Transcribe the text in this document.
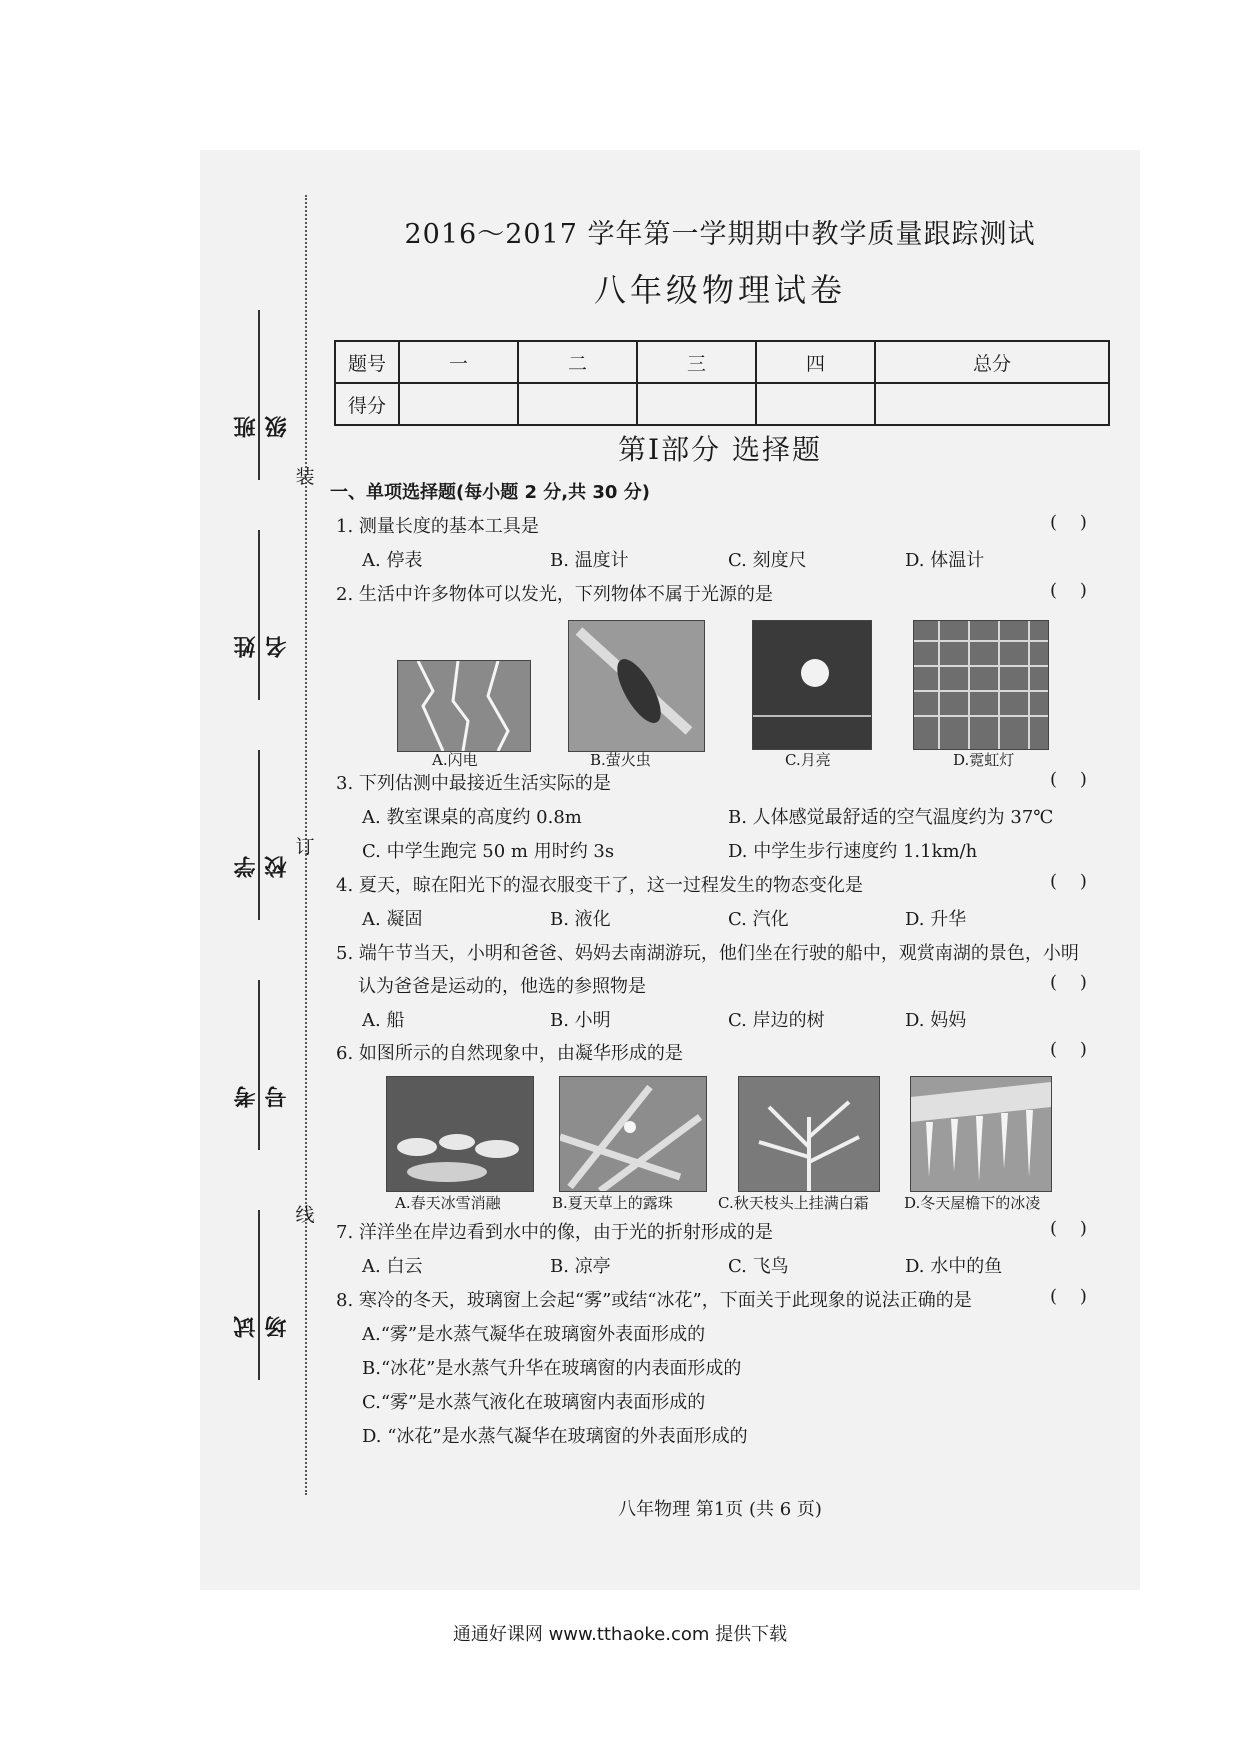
装
订
线
班级
姓名
学校
考号
试场
2016～2017 学年第一学期期中教学质量跟踪测试
八年级物理试卷
题号	一	二	三	四	总分
得分					
第Ⅰ部分 选择题
一、单项选择题(每小题 2 分,共 30 分)
1. 测量长度的基本工具是	(    )
A. 停表	B. 温度计	C. 刻度尺	D. 体温计
2. 生活中许多物体可以发光，下列物体不属于光源的是	(    )
A.闪电	B.萤火虫	C.月亮	D.霓虹灯
3. 下列估测中最接近生活实际的是	(    )
A. 教室课桌的高度约 0.8m	B. 人体感觉最舒适的空气温度约为 37℃
C. 中学生跑完 50 m 用时约 3s	D. 中学生步行速度约 1.1km/h
4. 夏天，晾在阳光下的湿衣服变干了，这一过程发生的物态变化是	(    )
A. 凝固	B. 液化	C. 汽化	D. 升华
5. 端午节当天，小明和爸爸、妈妈去南湖游玩，他们坐在行驶的船中，观赏南湖的景色，小明
认为爸爸是运动的，他选的参照物是	(    )
A. 船	B. 小明	C. 岸边的树	D. 妈妈
6. 如图所示的自然现象中，由凝华形成的是	(    )
A.春天冰雪消融	B.夏天草上的露珠	C.秋天枝头上挂满白霜 D.冬天屋檐下的冰凌
7. 洋洋坐在岸边看到水中的像，由于光的折射形成的是	(    )
A. 白云	B. 凉亭	C. 飞鸟	D. 水中的鱼
8. 寒冷的冬天，玻璃窗上会起“雾”或结“冰花”，下面关于此现象的说法正确的是	(    )
A.“雾”是水蒸气凝华在玻璃窗外表面形成的
B.“冰花”是水蒸气升华在玻璃窗的内表面形成的
C.“雾”是水蒸气液化在玻璃窗内表面形成的
D. “冰花”是水蒸气凝华在玻璃窗的外表面形成的
八年物理 第1页 (共 6 页)
通通好课网 www.tthaoke.com 提供下载
